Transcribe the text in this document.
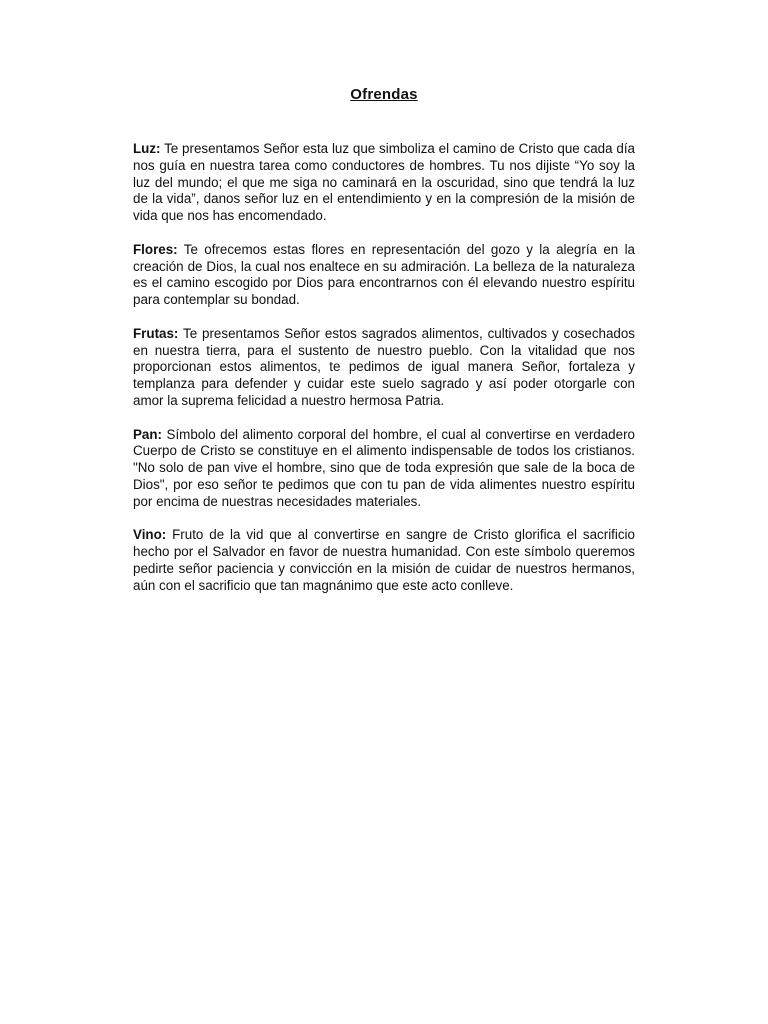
Ofrendas

Luz: Te presentamos Señor esta luz que simboliza el camino de Cristo que cada día nos guía en nuestra tarea como conductores de hombres. Tu nos dijiste “Yo soy la luz del mundo; el que me siga no caminará en la oscuridad, sino que tendrá la luz de la vida”, danos señor luz en el entendimiento y en la compresión de la misión de vida que nos has encomendado.

Flores: Te ofrecemos estas flores en representación del gozo y la alegría en la creación de Dios, la cual nos enaltece en su admiración. La belleza de la naturaleza es el camino escogido por Dios para encontrarnos con él elevando nuestro espíritu para contemplar su bondad.

Frutas: Te presentamos Señor estos sagrados alimentos, cultivados y cosechados en nuestra tierra, para el sustento de nuestro pueblo. Con la vitalidad que nos proporcionan estos alimentos, te pedimos de igual manera Señor, fortaleza y templanza para defender y cuidar este suelo sagrado y así poder otorgarle con amor la suprema felicidad a nuestro hermosa Patria.

Pan: Símbolo del alimento corporal del hombre, el cual al convertirse en verdadero Cuerpo de Cristo se constituye en el alimento indispensable de todos los cristianos. "No solo de pan vive el hombre, sino que de toda expresión que sale de la boca de Dios", por eso señor te pedimos que con tu pan de vida alimentes nuestro espíritu por encima de nuestras necesidades materiales.

Vino: Fruto de la vid que al convertirse en sangre de Cristo glorifica el sacrificio hecho por el Salvador en favor de nuestra humanidad. Con este símbolo queremos pedirte señor paciencia y convicción en la misión de cuidar de nuestros hermanos, aún con el sacrificio que tan magnánimo que este acto conlleve.
